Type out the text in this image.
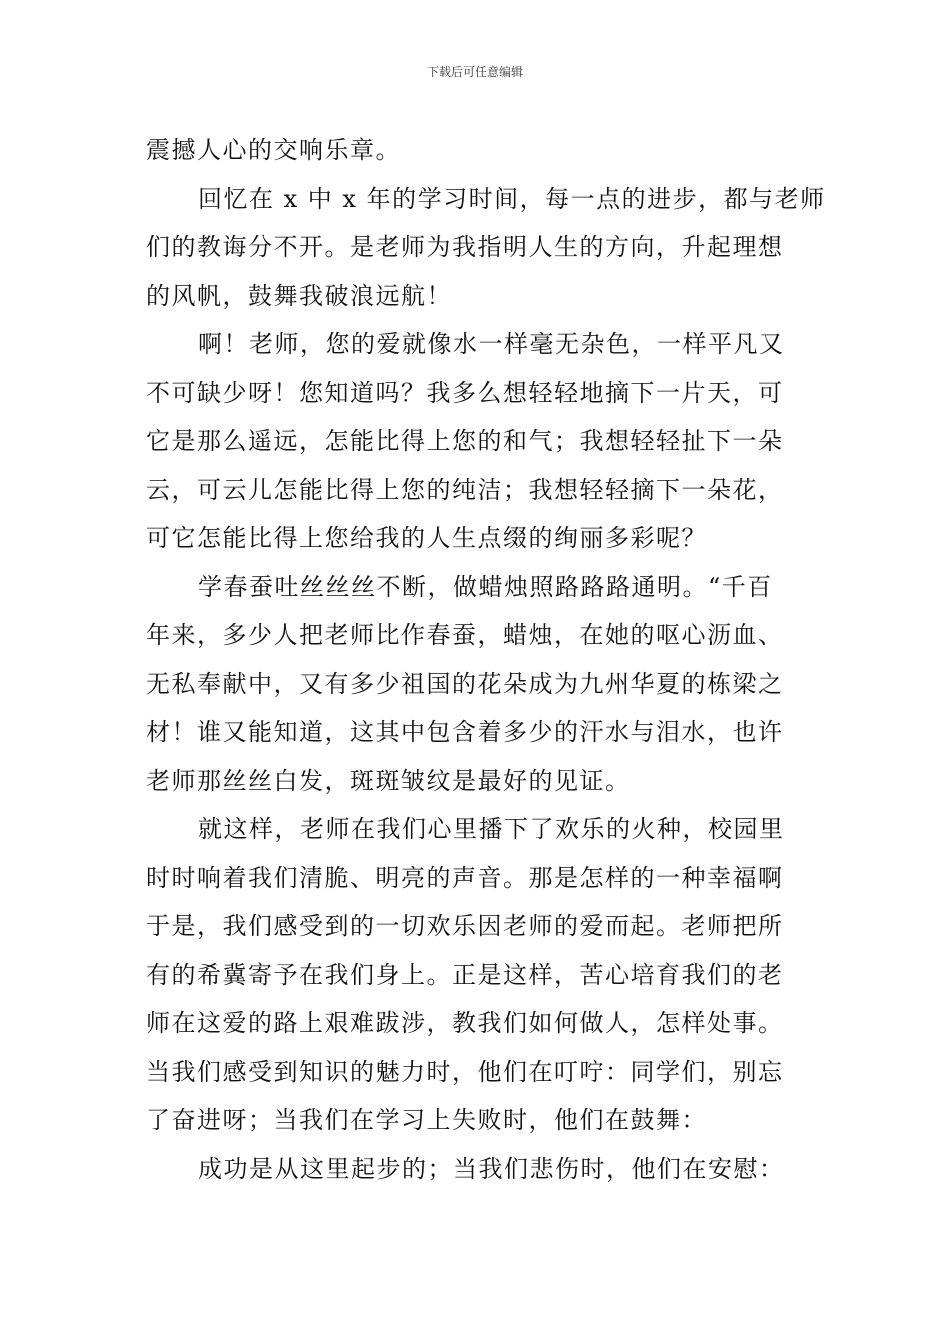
下载后可任意编辑
震撼人心的交响乐章。
回忆在 x 中 x 年的学习时间，每一点的进步，都与老师
们的教诲分不开。是老师为我指明人生的方向，升起理想
的风帆，鼓舞我破浪远航！
啊！老师，您的爱就像水一样毫无杂色，一样平凡又
不可缺少呀！您知道吗？我多么想轻轻地摘下一片天，可
它是那么遥远，怎能比得上您的和气；我想轻轻扯下一朵
云，可云儿怎能比得上您的纯洁；我想轻轻摘下一朵花，
可它怎能比得上您给我的人生点缀的绚丽多彩呢？
学春蚕吐丝丝丝不断，做蜡烛照路路路通明。“千百
年来，多少人把老师比作春蚕，蜡烛，在她的呕心沥血、
无私奉献中，又有多少祖国的花朵成为九州华夏的栋梁之
材！谁又能知道，这其中包含着多少的汗水与泪水，也许
老师那丝丝白发，斑斑皱纹是最好的见证。
就这样，老师在我们心里播下了欢乐的火种，校园里
时时响着我们清脆、明亮的声音。那是怎样的一种幸福啊
于是，我们感受到的一切欢乐因老师的爱而起。老师把所
有的希冀寄予在我们身上。正是这样，苦心培育我们的老
师在这爱的路上艰难跋涉，教我们如何做人，怎样处事。
当我们感受到知识的魅力时，他们在叮咛：同学们，别忘
了奋进呀；当我们在学习上失败时，他们在鼓舞：
成功是从这里起步的；当我们悲伤时，他们在安慰：
